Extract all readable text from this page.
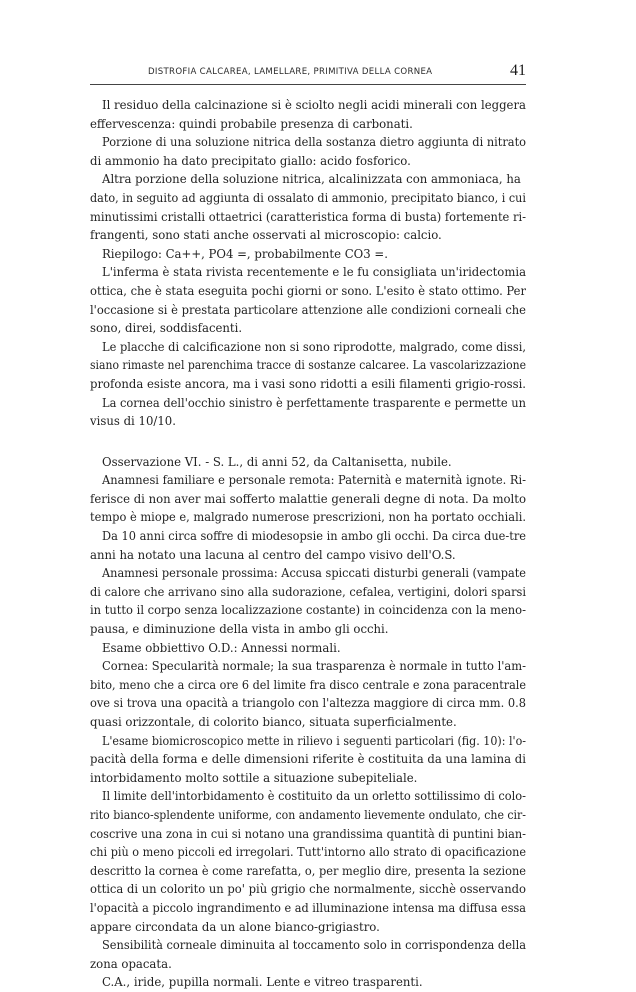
DISTROFIA CALCAREA, LAMELLARE, PRIMITIVA DELLA CORNEA	41
Il residuo della calcinazione si è sciolto negli acidi minerali con leggera
effervescenza: quindi probabile presenza di carbonati.
Porzione di una soluzione nitrica della sostanza dietro aggiunta di nitrato
di ammonio ha dato precipitato giallo: acido fosforico.
Altra porzione della soluzione nitrica, alcalinizzata con ammoniaca, ha
dato, in seguito ad aggiunta di ossalato di ammonio, precipitato bianco, i cui
minutissimi cristalli ottaetrici (caratteristica forma di busta) fortemente ri-
frangenti, sono stati anche osservati al microscopio: calcio.
Riepilogo: Ca++, PO4 =, probabilmente CO3 =.
L'inferma è stata rivista recentemente e le fu consigliata un'iridectomia
ottica, che è stata eseguita pochi giorni or sono. L'esito è stato ottimo. Per
l'occasione si è prestata particolare attenzione alle condizioni corneali che
sono, direi, soddisfacenti.
Le placche di calcificazione non si sono riprodotte, malgrado, come dissi,
siano rimaste nel parenchima tracce di sostanze calcaree. La vascolarizzazione
profonda esiste ancora, ma i vasi sono ridotti a esili filamenti grigio-rossi.
La cornea dell'occhio sinistro è perfettamente trasparente e permette un
visus di 10/10.
Osservazione VI. - S. L., di anni 52, da Caltanisetta, nubile.
Anamnesi familiare e personale remota: Paternità e maternità ignote. Ri-
ferisce di non aver mai sofferto malattie generali degne di nota. Da molto
tempo è miope e, malgrado numerose prescrizioni, non ha portato occhiali.
Da 10 anni circa soffre di miodesopsie in ambo gli occhi. Da circa due-tre
anni ha notato una lacuna al centro del campo visivo dell'O.S.
Anamnesi personale prossima: Accusa spiccati disturbi generali (vampate
di calore che arrivano sino alla sudorazione, cefalea, vertigini, dolori sparsi
in tutto il corpo senza localizzazione costante) in coincidenza con la meno-
pausa, e diminuzione della vista in ambo gli occhi.
Esame obbiettivo O.D.: Annessi normali.
Cornea: Specularità normale; la sua trasparenza è normale in tutto l'am-
bito, meno che a circa ore 6 del limite fra disco centrale e zona paracentrale
ove si trova una opacità a triangolo con l'altezza maggiore di circa mm. 0.8
quasi orizzontale, di colorito bianco, situata superficialmente.
L'esame biomicroscopico mette in rilievo i seguenti particolari (fig. 10): l'o-
pacità della forma e delle dimensioni riferite è costituita da una lamina di
intorbidamento molto sottile a situazione subepiteliale.
Il limite dell'intorbidamento è costituito da un orletto sottilissimo di colo-
rito bianco-splendente uniforme, con andamento lievemente ondulato, che cir-
coscrive una zona in cui si notano una grandissima quantità di puntini bian-
chi più o meno piccoli ed irregolari. Tutt'intorno allo strato di opacificazione
descritto la cornea è come rarefatta, o, per meglio dire, presenta la sezione
ottica di un colorito un po' più grigio che normalmente, sicchè osservando
l'opacità a piccolo ingrandimento e ad illuminazione intensa ma diffusa essa
appare circondata da un alone bianco-grigiastro.
Sensibilità corneale diminuita al toccamento solo in corrispondenza della
zona opacata.
C.A., iride, pupilla normali. Lente e vitreo trasparenti.
